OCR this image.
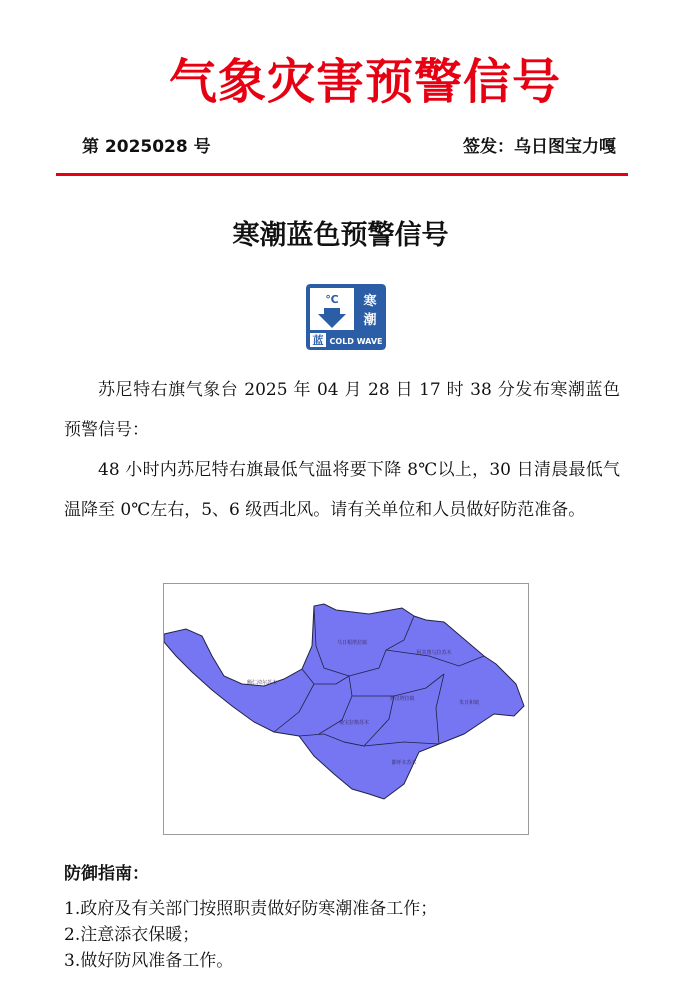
气象灾害预警信号
第 2025028 号	签发：乌日图宝力嘎
寒潮蓝色预警信号
℃ 寒
潮
蓝 COLD WAVE

苏尼特右旗气象台 2025 年 04 月 28 日 17 时 38 分发布寒潮蓝色预警信号：

48 小时内苏尼特右旗最低气温将要下降 8℃以上，30 日清晨最低气温降至 0℃左右，5、6 级西北风。请有关单位和人员做好防范准备。

乌日根塔拉镇
阿其图乌拉苏木
赛汉塔拉镇
朱日和镇
额仁淖尔苏木
桑宝拉格苏木
都呼木苏木
防御指南：
1.政府及有关部门按照职责做好防寒潮准备工作；
2.注意添衣保暖；
3.做好防风准备工作。
